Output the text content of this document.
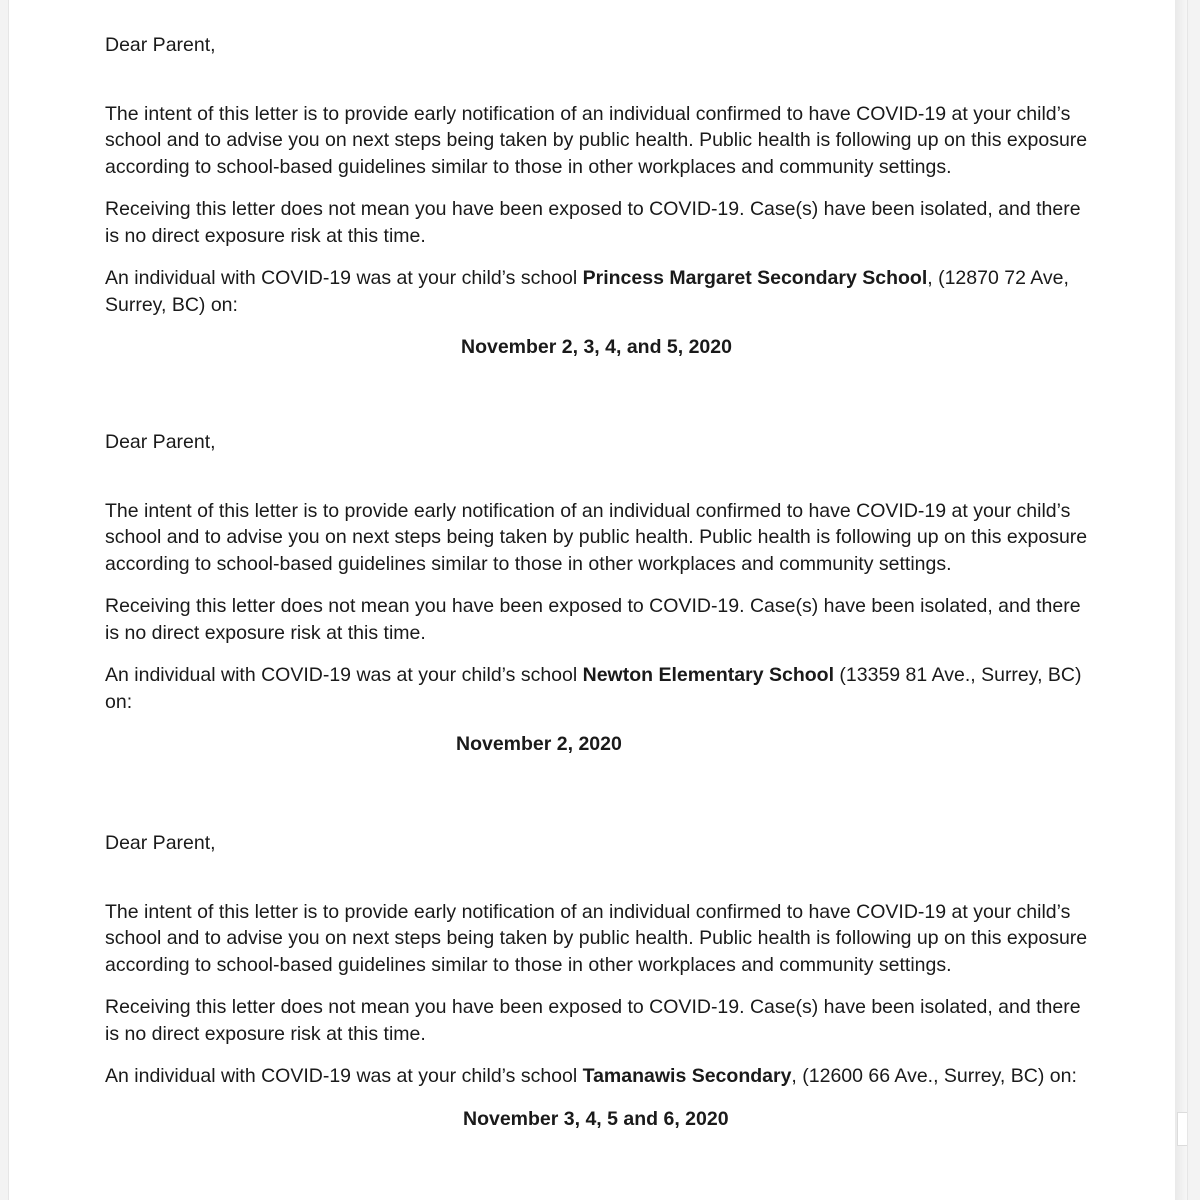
Dear Parent,

The intent of this letter is to provide early notification of an individual confirmed to have COVID-19 at your child’s school and to advise you on next steps being taken by public health. Public health is following up on this exposure according to school-based guidelines similar to those in other workplaces and community settings.

Receiving this letter does not mean you have been exposed to COVID-19. Case(s) have been isolated, and there is no direct exposure risk at this time.

An individual with COVID-19 was at your child’s school Princess Margaret Secondary School, (12870 72 Ave, Surrey, BC) on:

November 2, 3, 4, and 5, 2020

Dear Parent,

The intent of this letter is to provide early notification of an individual confirmed to have COVID-19 at your child’s school and to advise you on next steps being taken by public health. Public health is following up on this exposure according to school-based guidelines similar to those in other workplaces and community settings.

Receiving this letter does not mean you have been exposed to COVID-19. Case(s) have been isolated, and there is no direct exposure risk at this time.

An individual with COVID-19 was at your child’s school Newton Elementary School (13359 81 Ave., Surrey, BC) on:

November 2, 2020

Dear Parent,

The intent of this letter is to provide early notification of an individual confirmed to have COVID-19 at your child’s school and to advise you on next steps being taken by public health. Public health is following up on this exposure according to school-based guidelines similar to those in other workplaces and community settings.

Receiving this letter does not mean you have been exposed to COVID-19. Case(s) have been isolated, and there is no direct exposure risk at this time.

An individual with COVID-19 was at your child’s school Tamanawis Secondary, (12600 66 Ave., Surrey, BC) on:

November 3, 4, 5 and 6, 2020
